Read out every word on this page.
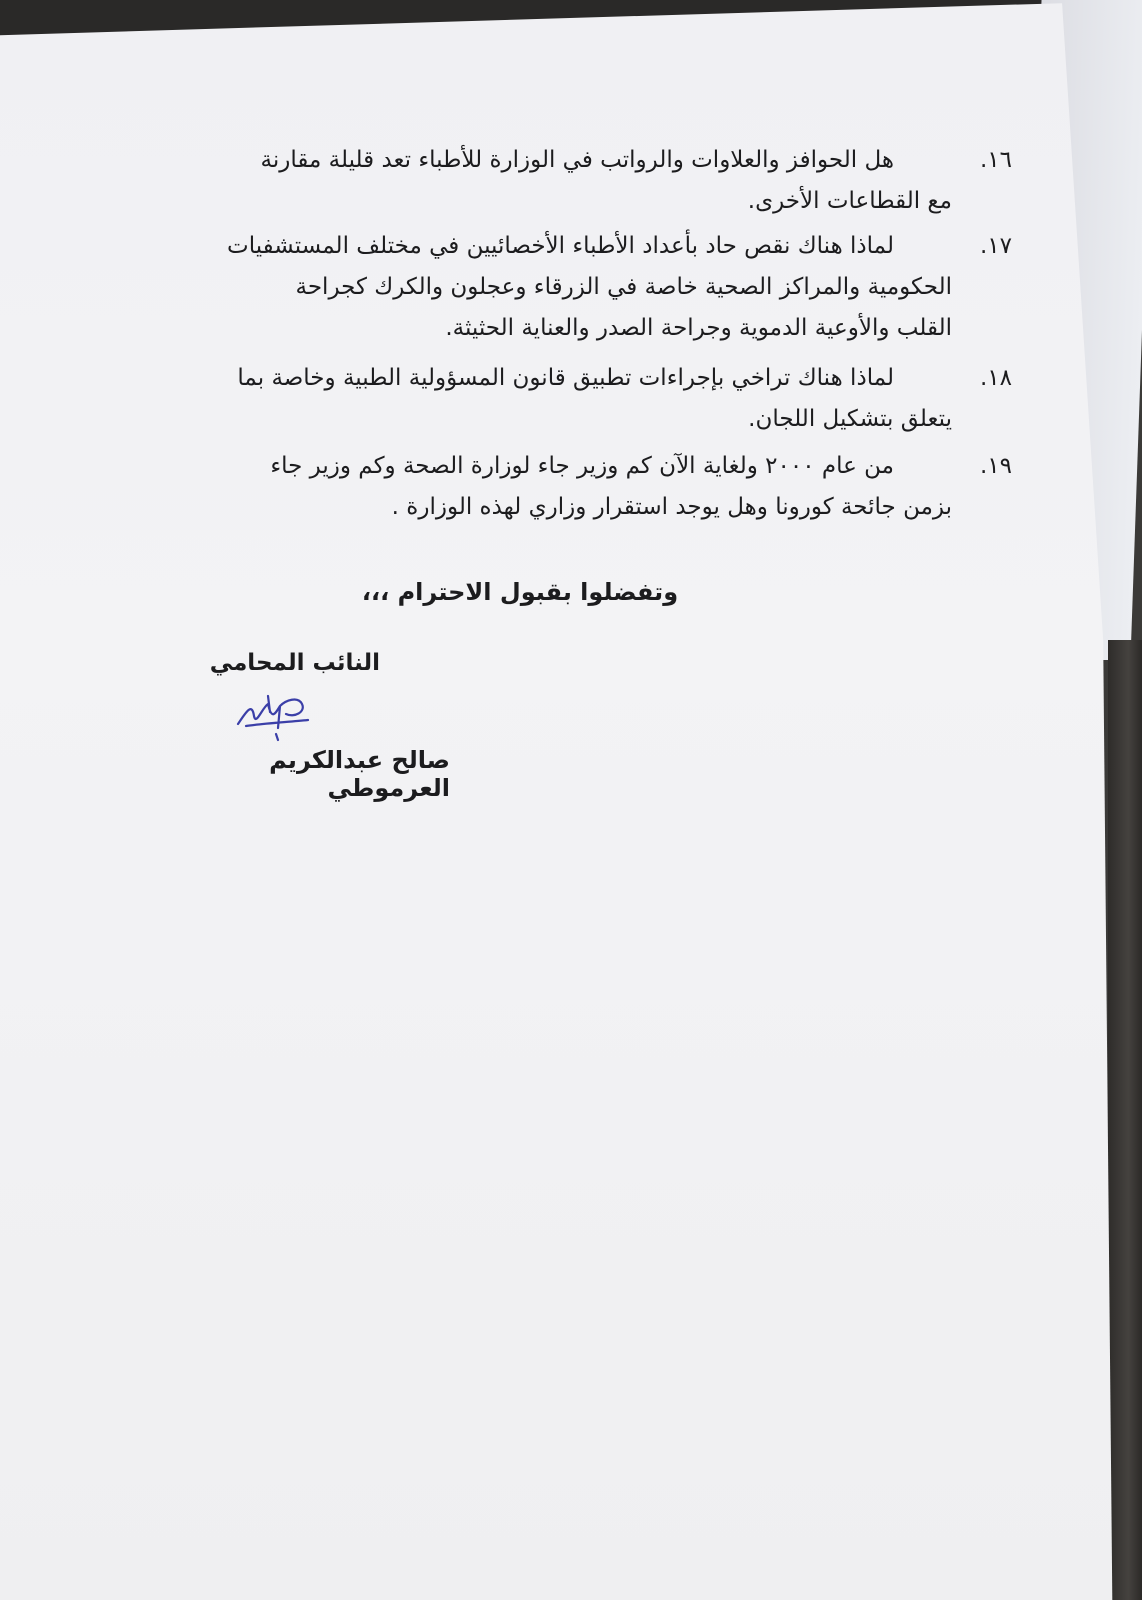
١٦.
هل الحوافز والعلاوات والرواتب في الوزارة للأطباء تعد قليلة مقارنة
مع القطاعات الأخرى.
١٧.
لماذا هناك نقص حاد بأعداد الأطباء الأخصائيين في مختلف المستشفيات
الحكومية والمراكز الصحية خاصة في الزرقاء وعجلون والكرك كجراحة
القلب والأوعية الدموية وجراحة الصدر والعناية الحثيثة.
١٨.
لماذا هناك تراخي بإجراءات تطبيق قانون المسؤولية الطبية وخاصة بما
يتعلق بتشكيل اللجان.
١٩.
من عام ٢٠٠٠ ولغاية الآن كم وزير جاء لوزارة الصحة وكم وزير جاء
بزمن جائحة كورونا وهل يوجد استقرار وزاري لهذه الوزارة .
وتفضلوا بقبول الاحترام ،،،
النائب المحامي
صالح عبدالكريم العرموطي
